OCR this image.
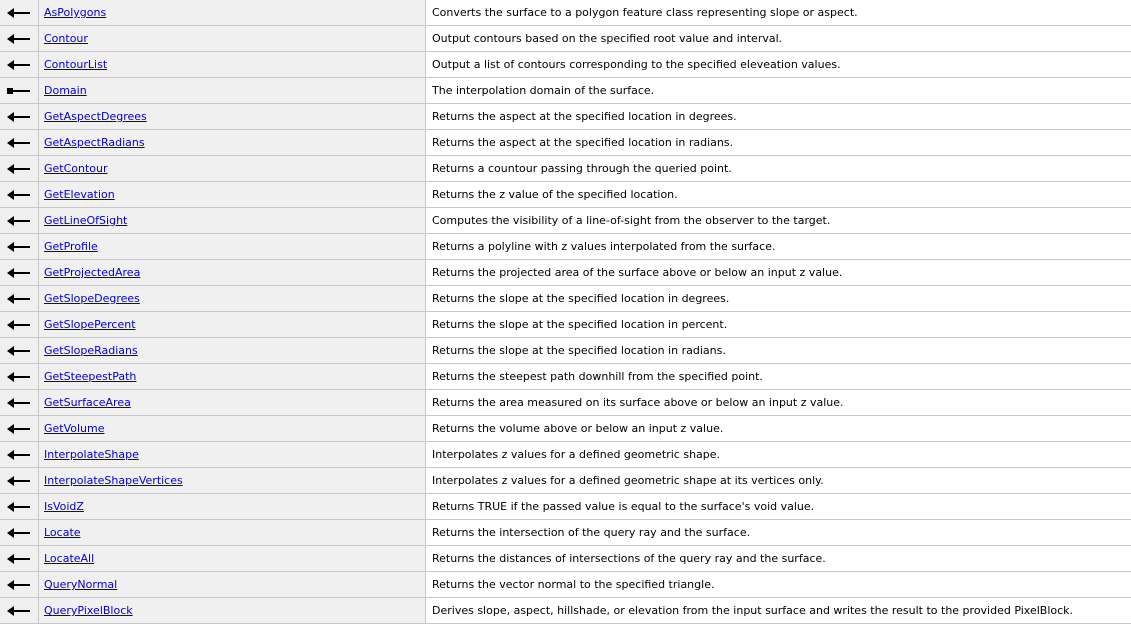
	AsPolygons	Converts the surface to a polygon feature class representing slope or aspect.

	Contour	Output contours based on the specified root value and interval.

	ContourList	Output a list of contours corresponding to the specified eleveation values.

	Domain	The interpolation domain of the surface.

	GetAspectDegrees	Returns the aspect at the specified location in degrees.

	GetAspectRadians	Returns the aspect at the specified location in radians.

	GetContour	Returns a countour passing through the queried point.

	GetElevation	Returns the z value of the specified location.

	GetLineOfSight	Computes the visibility of a line-of-sight from the observer to the target.

	GetProfile	Returns a polyline with z values interpolated from the surface.

	GetProjectedArea	Returns the projected area of the surface above or below an input z value.

	GetSlopeDegrees	Returns the slope at the specified location in degrees.

	GetSlopePercent	Returns the slope at the specified location in percent.

	GetSlopeRadians	Returns the slope at the specified location in radians.

	GetSteepestPath	Returns the steepest path downhill from the specified point.

	GetSurfaceArea	Returns the area measured on its surface above or below an input z value.

	GetVolume	Returns the volume above or below an input z value.

	InterpolateShape	Interpolates z values for a defined geometric shape.

	InterpolateShapeVertices	Interpolates z values for a defined geometric shape at its vertices only.

	IsVoidZ	Returns TRUE if the passed value is equal to the surface's void value.

	Locate	Returns the intersection of the query ray and the surface.

	LocateAll	Returns the distances of intersections of the query ray and the surface.

	QueryNormal	Returns the vector normal to the specified triangle.

	QueryPixelBlock	Derives slope, aspect, hillshade, or elevation from the input surface and writes the result to the provided PixelBlock.
